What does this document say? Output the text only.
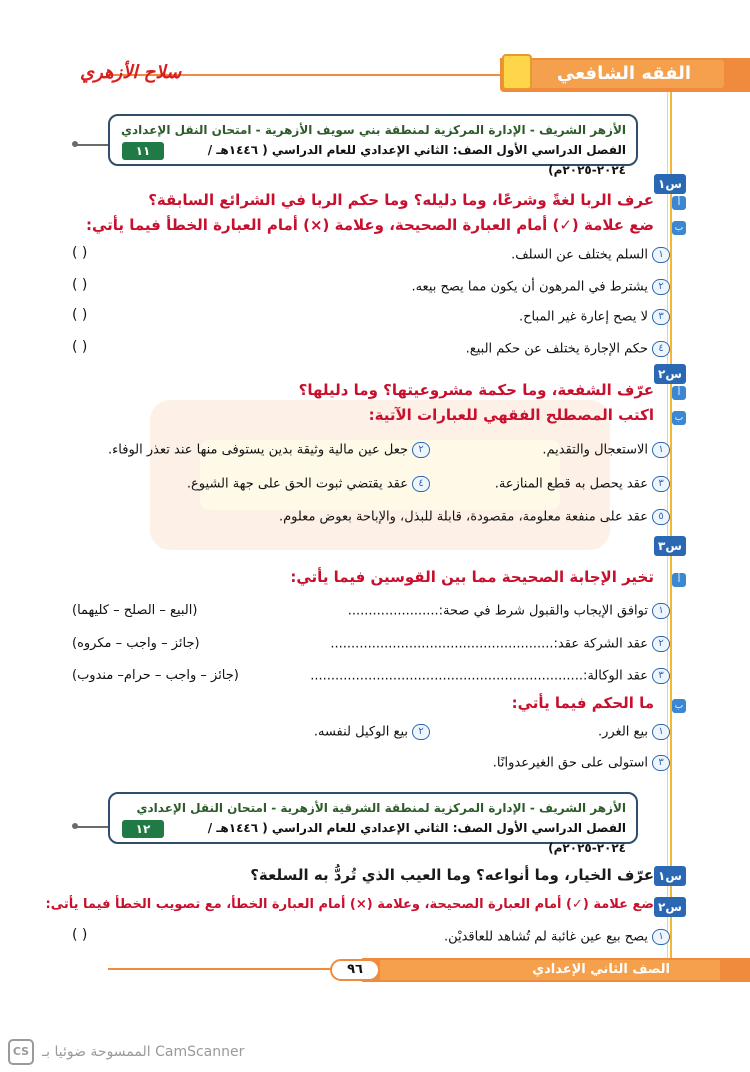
الفقه الشافعي
سلاح الأزهري
الأزهر الشريف - الإدارة المركزية لمنطقة بني سويف الأزهرية - امتحان النقل الإعدادي
الفصل الدراسي الأول الصف: الثاني الإعدادي للعام الدراسي ( ١٤٤٦هـ / ٢٠٢٤-٢٠٢٥م)
١١
س١
أ
عرف الربا لغةً وشرعًا، وما دليله؟ وما حكم الربا في الشرائع السابقة؟
ب
ضع علامة (✓) أمام العبارة الصحيحة، وعلامة (×) أمام العبارة الخطأ فيما يأتي:
١السلم يختلف عن السلف.
( )
٢يشترط في المرهون أن يكون مما يصح بيعه.
( )
٣لا يصح إعارة غير المباح.
( )
٤حكم الإجارة يختلف عن حكم البيع.
( )
س٢
أ
عرّف الشفعة، وما حكمة مشروعيتها؟ وما دليلها؟
ب
اكتب المصطلح الفقهي للعبارات الآتية:
١الاستعجال والتقديم.
٢جعل عين مالية وثيقة بدين يستوفى منها عند تعذر الوفاء.
٣عقد يحصل به قطع المنازعة.
٤عقد يقتضي ثبوت الحق على جهة الشيوع.
٥عقد على منفعة معلومة، مقصودة، قابلة للبذل، والإباحة بعوض معلوم.
س٣
أ
تخير الإجابة الصحيحة مما بين القوسين فيما يأتي:
١توافق الإيجاب والقبول شرط في صحة:......................
(البيع – الصلح – كليهما)
٢عقد الشركة عقد:......................................................
(جائز – واجب – مكروه)
٣عقد الوكالة:..................................................................
(جائز – واجب – حرام– مندوب)
ب
ما الحكم فيما يأتي:
١بيع الغرر.
٢بيع الوكيل لنفسه.
٣استولى على حق الغيرعدوانًا.
الأزهر الشريف - الإدارة المركزية لمنطقة الشرقية الأزهرية - امتحان النقل الإعدادي
الفصل الدراسي الأول الصف: الثاني الإعدادي للعام الدراسي ( ١٤٤٦هـ / ٢٠٢٤-٢٠٢٥م)
١٢
س١
عرّف الخيار، وما أنواعه؟ وما العيب الذي تُردُّ به السلعة؟
س٢
ضع علامة (✓) أمام العبارة الصحيحة، وعلامة (×) أمام العبارة الخطأ، مع تصويب الخطأ فيما يأتى:
١يصح بيع عين غائبة لم تُشاهد للعاقديْن.
( )
الصف الثاني الإعدادي
٩٦
CS الممسوحة ضوئيا بـ CamScanner
